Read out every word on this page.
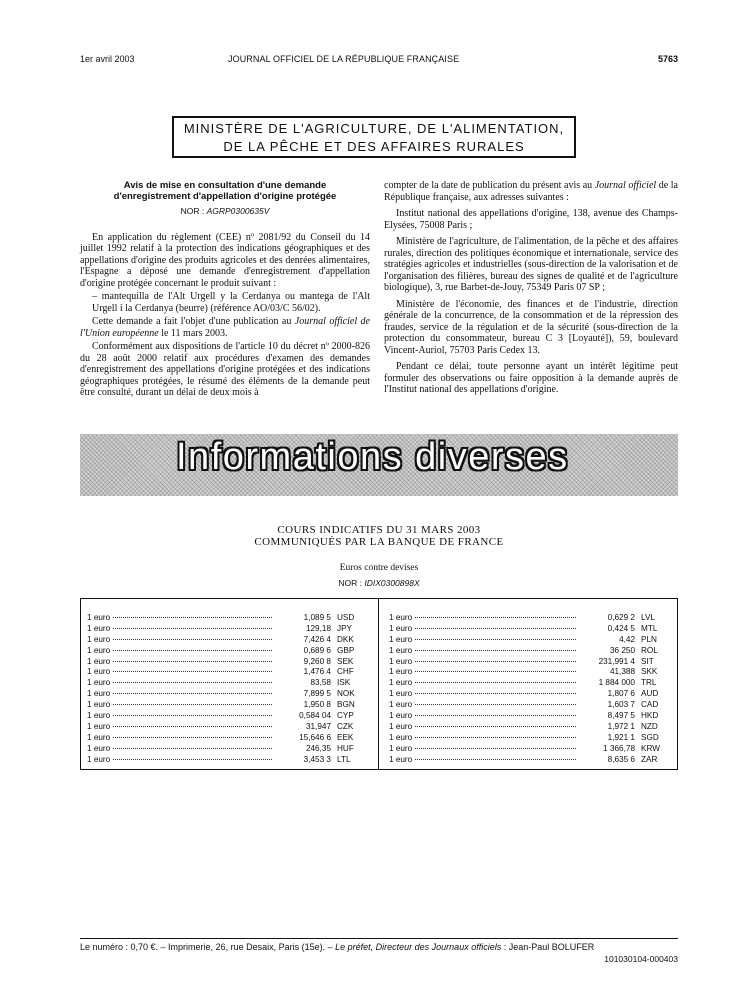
1er avril 2003	JOURNAL OFFICIEL DE LA RÉPUBLIQUE FRANÇAISE	5763
MINISTÈRE DE L'AGRICULTURE, DE L'ALIMENTATION,
DE LA PÊCHE ET DES AFFAIRES RURALES
Avis de mise en consultation d'une demande
d'enregistrement d'appellation d'origine protégée
NOR : AGRP0300635V

En application du règlement (CEE) nº 2081/92 du Conseil du 14 juillet 1992 relatif à la protection des indications géographiques et des appellations d'origine des produits agricoles et des denrées alimentaires, l'Espagne a déposé une demande d'enregistrement d'appellation d'origine protégée concernant le produit suivant :

– mantequilla de l'Alt Urgell y la Cerdanya ou mantega de l'Alt Urgell i la Cerdanya (beurre) (référence AO/03/C 56/02).

Cette demande a fait l'objet d'une publication au Journal officiel de l'Union européenne le 11 mars 2003.

Conformément aux dispositions de l'article 10 du décret nº 2000-826 du 28 août 2000 relatif aux procédures d'examen des demandes d'enregistrement des appellations d'origine protégées et des indications géographiques protégées, le résumé des éléments de la demande peut être consulté, durant un délai de deux mois à

compter de la date de publication du présent avis au Journal officiel de la République française, aux adresses suivantes :

Institut national des appellations d'origine, 138, avenue des Champs-Elysées, 75008 Paris ;

Ministère de l'agriculture, de l'alimentation, de la pêche et des affaires rurales, direction des politiques économique et internationale, service des stratégies agricoles et industrielles (sous-direction de la valorisation et de l'organisation des filières, bureau des signes de qualité et de l'agriculture biologique), 3, rue Barbet-de-Jouy, 75349 Paris 07 SP ;

Ministère de l'économie, des finances et de l'industrie, direction générale de la concurrence, de la consommation et de la répression des fraudes, service de la régulation et de la sécurité (sous-direction de la protection du consommateur, bureau C 3 [Loyauté]), 59, boulevard Vincent-Auriol, 75703 Paris Cedex 13.

Pendant ce délai, toute personne ayant un intérêt légitime peut formuler des observations ou faire opposition à la demande auprès de l'Institut national des appellations d'origine.

Informations diverses
COURS INDICATIFS DU 31 MARS 2003
COMMUNIQUÉS PAR LA BANQUE DE FRANCE
Euros contre devises
NOR : IDIX0300898X
1 euro	1,089 5 USD
1 euro	129,18 JPY
1 euro	7,426 4 DKK
1 euro	0,689 6 GBP
1 euro	9,260 8 SEK
1 euro	1,476 4 CHF
1 euro	83,58 ISK
1 euro	7,899 5 NOK
1 euro	1,950 8 BGN
1 euro	0,584 04 CYP
1 euro	31,947 CZK
1 euro	15,646 6 EEK
1 euro	246,35 HUF
1 euro	3,453 3 LTL
1 euro	0,629 2 LVL
1 euro	0,424 5 MTL
1 euro	4,42 PLN
1 euro	36 250 ROL
1 euro	231,991 4 SIT
1 euro	41,388 SKK
1 euro	1 884 000 TRL
1 euro	1,807 6 AUD
1 euro	1,603 7 CAD
1 euro	8,497 5 HKD
1 euro	1,972 1 NZD
1 euro	1,921 1 SGD
1 euro	1 366,78 KRW
1 euro	8,635 6 ZAR
Le numéro : 0,70 €. – Imprimerie, 26, rue Desaix, Paris (15e). – Le préfet, Directeur des Journaux officiels : Jean-Paul BOLUFER
101030104-000403
